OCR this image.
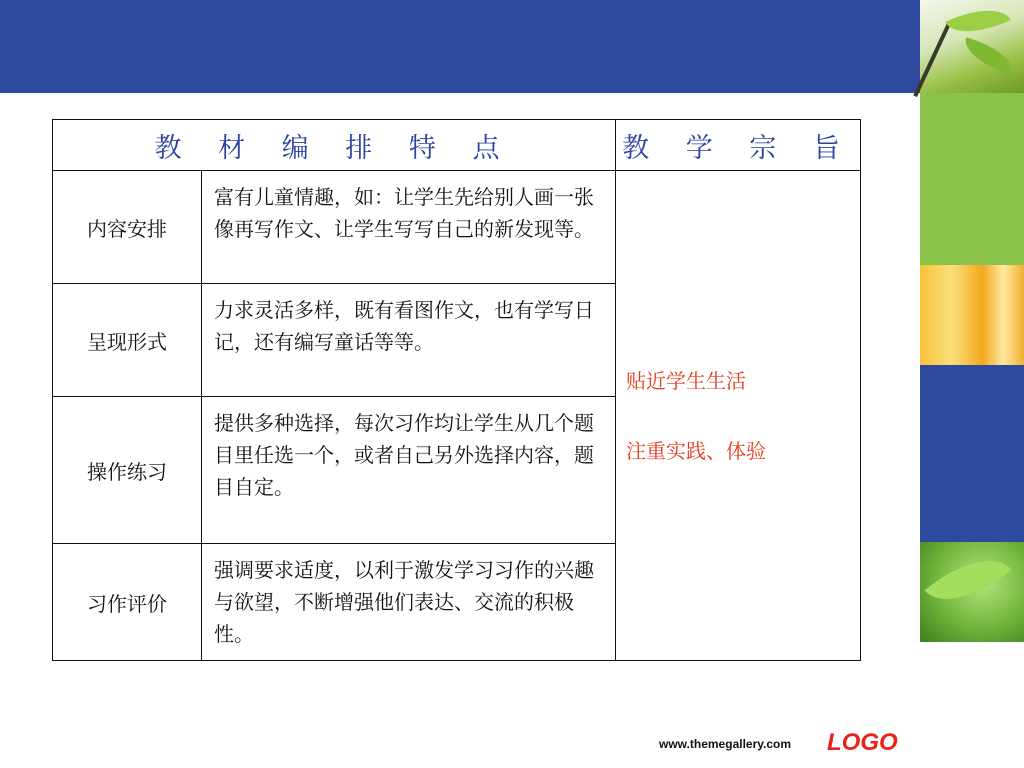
教 材 编 排 特 点		教 学 宗 旨
内容安排	富有儿童情趣，如：让学生先给别人画一张像再写作文、让学生写写自己的新发现等。	贴近学生生活
注重实践、体验

呈现形式	力求灵活多样，既有看图作文，也有学写日记，还有编写童话等等。	
操作练习	提供多种选择，每次习作均让学生从几个题目里任选一个，或者自己另外选择内容，题目自定。	
习作评价	强调要求适度，以利于激发学习习作的兴趣与欲望，不断增强他们表达、交流的积极性。	
www.themegallery.com LOGO
